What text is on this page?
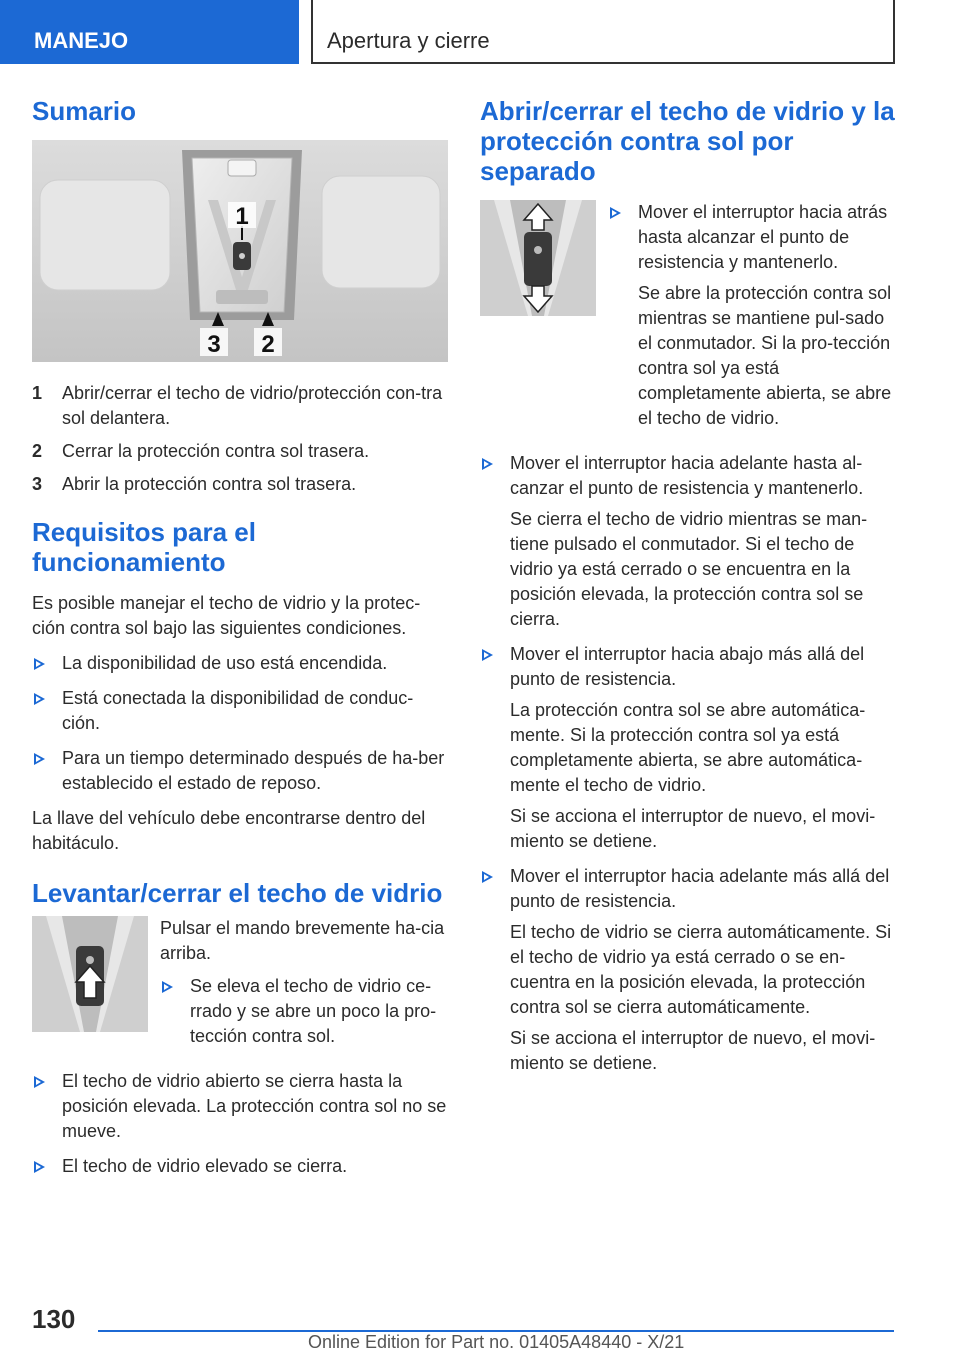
MANEJO	Apertura y cierre
Sumario
1
3 2
1 Abrir/cerrar el techo de vidrio/protección con‐tra sol delantera.
2 Cerrar la protección contra sol trasera.
3 Abrir la protección contra sol trasera.
Requisitos para el funcionamiento

Es posible manejar el techo de vidrio y la protec‐ción contra sol bajo las siguientes condiciones.

La disponibilidad de uso está encendida.
Está conectada la disponibilidad de conduc‐ción.
Para un tiempo determinado después de ha‐ber establecido el estado de reposo.

La llave del vehículo debe encontrarse dentro del habitáculo.

Levantar/cerrar el techo de vidrio

Pulsar el mando brevemente ha‐cia arriba.

Se eleva el techo de vidrio ce‐rrado y se abre un poco la pro‐tección contra sol.
El techo de vidrio abierto se cierra hasta la posición elevada. La protección contra sol no se mueve.
El techo de vidrio elevado se cierra.
Abrir/cerrar el techo de vidrio y la protección contra sol por separado
Mover el interruptor hacia atrás hasta alcanzar el punto de resistencia y mantenerlo.

Se abre la protección contra sol mientras se mantiene pul‐sado el conmutador. Si la pro‐tección contra sol ya está completamente abierta, se abre el techo de vidrio.

Mover el interruptor hacia adelante hasta al‐canzar el punto de resistencia y mantenerlo.

Se cierra el techo de vidrio mientras se man‐tiene pulsado el conmutador. Si el techo de vidrio ya está cerrado o se encuentra en la posición elevada, la protección contra sol se cierra.

Mover el interruptor hacia abajo más allá del punto de resistencia.

La protección contra sol se abre automática‐mente. Si la protección contra sol ya está completamente abierta, se abre automática‐mente el techo de vidrio.

Si se acciona el interruptor de nuevo, el movi‐miento se detiene.

Mover el interruptor hacia adelante más allá del punto de resistencia.

El techo de vidrio se cierra automáticamente. Si el techo de vidrio ya está cerrado o se en‐cuentra en la posición elevada, la protección contra sol se cierra automáticamente.

Si se acciona el interruptor de nuevo, el movi‐miento se detiene.

130
Online Edition for Part no. 01405A48440 - X/21
